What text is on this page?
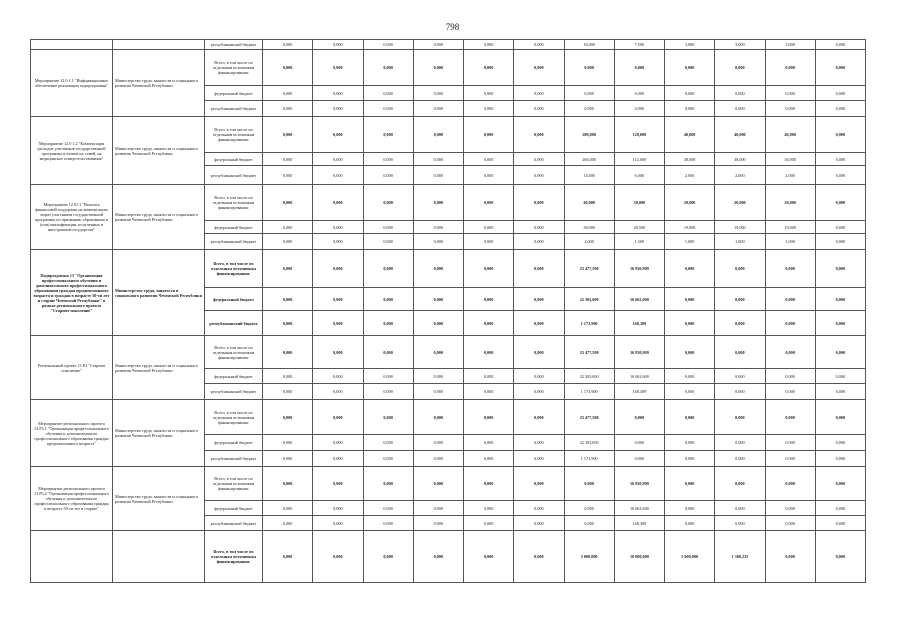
798
		республиканский бюджет	0,000	0,000	0,000	0,000	0,000	0,000	16,000	7,500	3,000	3,000	3,000	0,000
Мероприятие 12.0 1.1 "Информационное обеспечение реализации подпрограммы"	Министерство труда, занятости и социального развития Чеченской Республики	Всего, в том числе по отдельным источникам финансирования:	0,000	0,000	0,000	0,000	0,000	0,000	0,000	0,000	0,000	0,000	0,000	0,000
		федеральный бюджет	0,000	0,000	0,000	0,000	0,000	0,000	0,000	0,000	0,000	0,000	0,000	0,000
		республиканский бюджет	0,000	0,000	0,000	0,000	0,000	0,000	0,000	0,000	0,000	0,000	0,000	0,000
Мероприятие 12.0 1.2 "Компенсация расходов участников государственной программы и членов их семей, на медицинское освидетельствование"	Министерство труда, занятости и социального развития Чеченской Республики	Всего, в том числе по отдельным источникам финансирования:	0,000	0,000	0,000	0,000	0,000	0,000	280,000	120,000	40,000	40,000	40,000	0,000
		федеральный бюджет	0,000	0,000	0,000	0,000	0,000	0,000	266,000	114,000	38,000	38,000	38,000	0,000
		республиканский бюджет	0,000	0,000	0,000	0,000	0,000	0,000	14,000	6,000	2,000	2,000	2,000	0,000
Мероприятие 12.01.3 "Выплата финансовой поддержки на компенсацию затрат участников государственной программы по признанию образования и (или) квалификации, полученных в иностранном государстве"	Министерство труда, занятости и социального развития Чеченской Республики	Всего, в том числе по отдельным источникам финансирования:	0,000	0,000	0,000	0,000	0,000	0,000	40,000	30,000	20,000	20,000	20,000	0,000
		федеральный бюджет	0,000	0,000	0,000	0,000	0,000	0,000	38,000	28,500	19,000	19,000	19,000	0,000
		республиканский бюджет	0,000	0,000	0,000	0,000	0,000	0,000	2,000	1,500	1,000	1,000	1,000	0,000
Подпрограмма 13 "Организация профессионального обучения и дополнительного профессионального образования граждан предпенсионного возраста и граждан в возрасте 50-ти лет и старше Чеченской Республики" в рамках регионального проекта "Старшее поколение"	Министерство труда, занятости и социального развития Чеченской Республики	Всего, в том числе по отдельным источникам финансирования:	0,000	0,000	0,000	0,000	0,000	0,000	23 477,590	16 830,909	0,000	0,000	0,000	0,000
		федеральный бюджет	0,000	0,000	0,000	0,000	0,000	0,000	22 303,690	16 662,600	0,000	0,000	0,000	0,000
		республиканский бюджет	0,000	0,000	0,000	0,000	0,000	0,000	1 173,900	168,309	0,000	0,000	0,000	0,000
Региональный проект 13.Р3 "Старшее поколение"	Министерство труда, занятости и социального развития Чеченской Республики	Всего, в том числе по отдельным источникам финансирования:	0,000	0,000	0,000	0,000	0,000	0,000	23 477,590	16 830,909	0,000	0,000	0,000	0,000
		федеральный бюджет	0,000	0,000	0,000	0,000	0,000	0,000	22 303,690	16 662,600	0,000	0,000	0,000	0,000
		республиканский бюджет	0,000	0,000	0,000	0,000	0,000	0,000	1 173,900	168,309	0,000	0,000	0,000	0,000
Мероприятие регионального проекта 13.Р3.1 "Организация профессионального обучения и дополнительного профессионального образования граждан предпенсионного возраста"	Министерство труда, занятости и социального развития Чеченской Республики	Всего, в том числе по отдельным источникам финансирования:	0,000	0,000	0,000	0,000	0,000	0,000	23 477,590	0,000	0,000	0,000	0,000	0,000
		федеральный бюджет	0,000	0,000	0,000	0,000	0,000	0,000	22 303,690	0,000	0,000	0,000	0,000	0,000
		республиканский бюджет	0,000	0,000	0,000	0,000	0,000	0,000	1 173,900	0,000	0,000	0,000	0,000	0,000
Мероприятие регионального проекта 13.Р3.2 "Организация профессионального обучения и дополнительного профессионального образования граждан в возрасте 50-ти лет и старше"	Министерство труда, занятости и социального развития Чеченской Республики	Всего, в том числе по отдельным источникам финансирования:	0,000	0,000	0,000	0,000	0,000	0,000	0,000	16 830,909	0,000	0,000	0,000	0,000
		федеральный бюджет	0,000	0,000	0,000	0,000	0,000	0,000	0,000	16 662,600	0,000	0,000	0,000	0,000
		республиканский бюджет	0,000	0,000	0,000	0,000	0,000	0,000	0,000	168,309	0,000	0,000	0,000	0,000
		Всего, в том числе по отдельным источникам финансирования:	0,000	0,000	0,000	0,000	0,000	0,000	5 000,000	10 000,000	5 000,000	1 300,225	0,000	0,000
